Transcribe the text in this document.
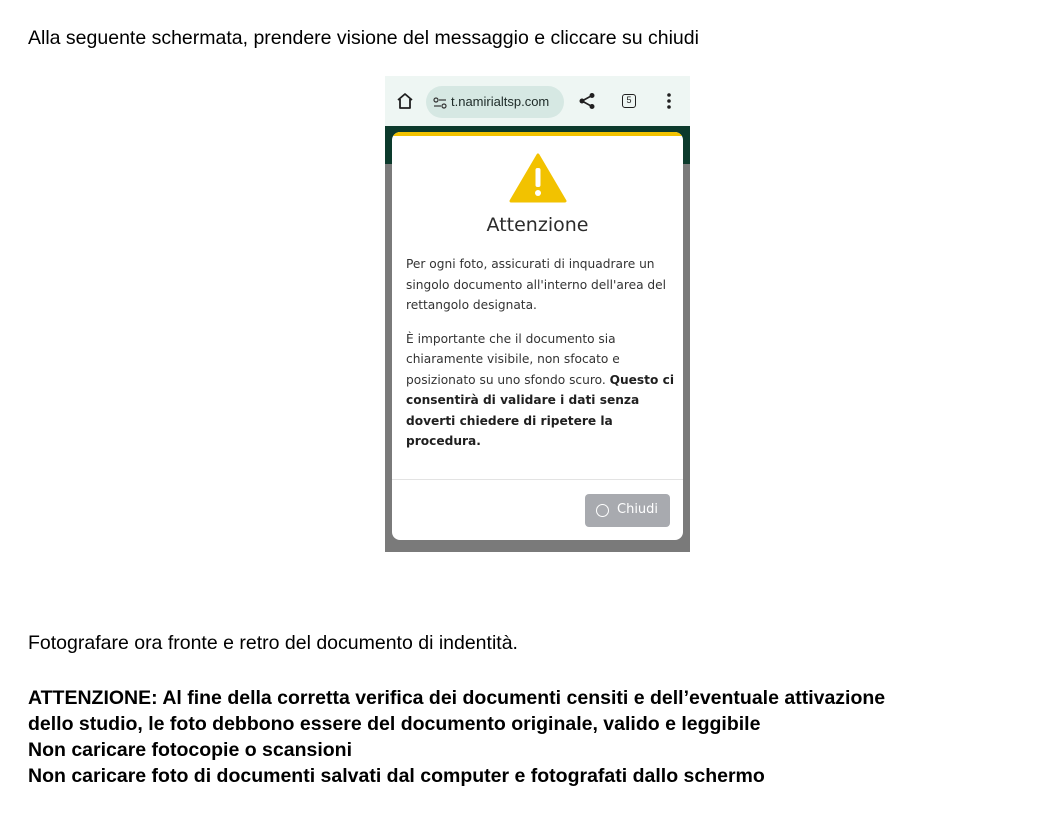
Alla seguente schermata, prendere visione del messaggio e cliccare su chiudi
t.namirialtsp.com	5
Attenzione

Per ogni foto, assicurati di inquadrare un singolo documento all'interno dell'area del rettangolo designata.

È importante che il documento sia chiaramente visibile, non sfocato e posizionato su uno sfondo scuro. Questo ci consentirà di validare i dati senza doverti chiedere di ripetere la procedura.

Chiudi
Fotografare ora fronte e retro del documento di indentità.
ATTENZIONE: Al fine della corretta verifica dei documenti censiti e dell’eventuale attivazione
dello studio, le foto debbono essere del documento originale, valido e leggibile
Non caricare fotocopie o scansioni
Non caricare foto di documenti salvati dal computer e fotografati dallo schermo
